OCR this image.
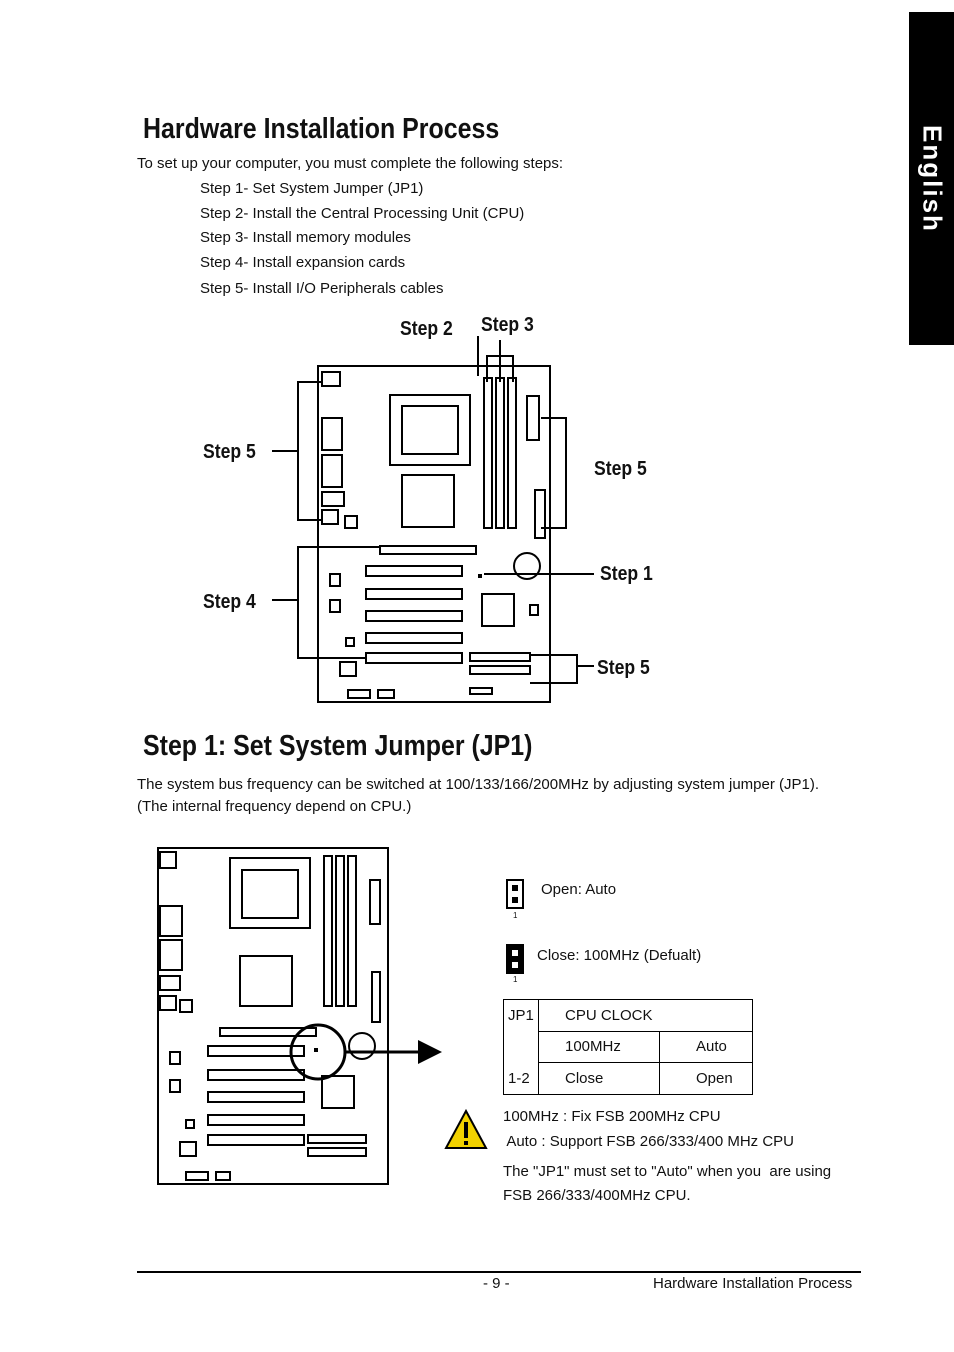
English
Hardware Installation Process
To set up your computer, you must complete the following steps:
Step 1- Set System Jumper (JP1)
Step 2- Install the Central Processing Unit (CPU)
Step 3- Install memory modules
Step 4- Install expansion cards
Step 5- Install I/O Peripherals cables
Step 2 Step 3
Step 5
Step 5
Step 1
Step 4
Step 5
Step 1: Set System Jumper (JP1)
The system bus frequency can be switched at 100/133/166/200MHz by adjusting system jumper (JP1).
(The internal frequency depend on CPU.)
1
Open: Auto
1
Close: 100MHz (Defualt)
JP1	CPU CLOCK	
	100MHz	Auto
1-2	Close	Open
100MHz : Fix FSB 200MHz CPU
Auto : Support FSB 266/333/400 MHz CPU
The "JP1" must set to "Auto" when you  are using
FSB 266/333/400MHz CPU.
- 9 -	Hardware Installation Process
